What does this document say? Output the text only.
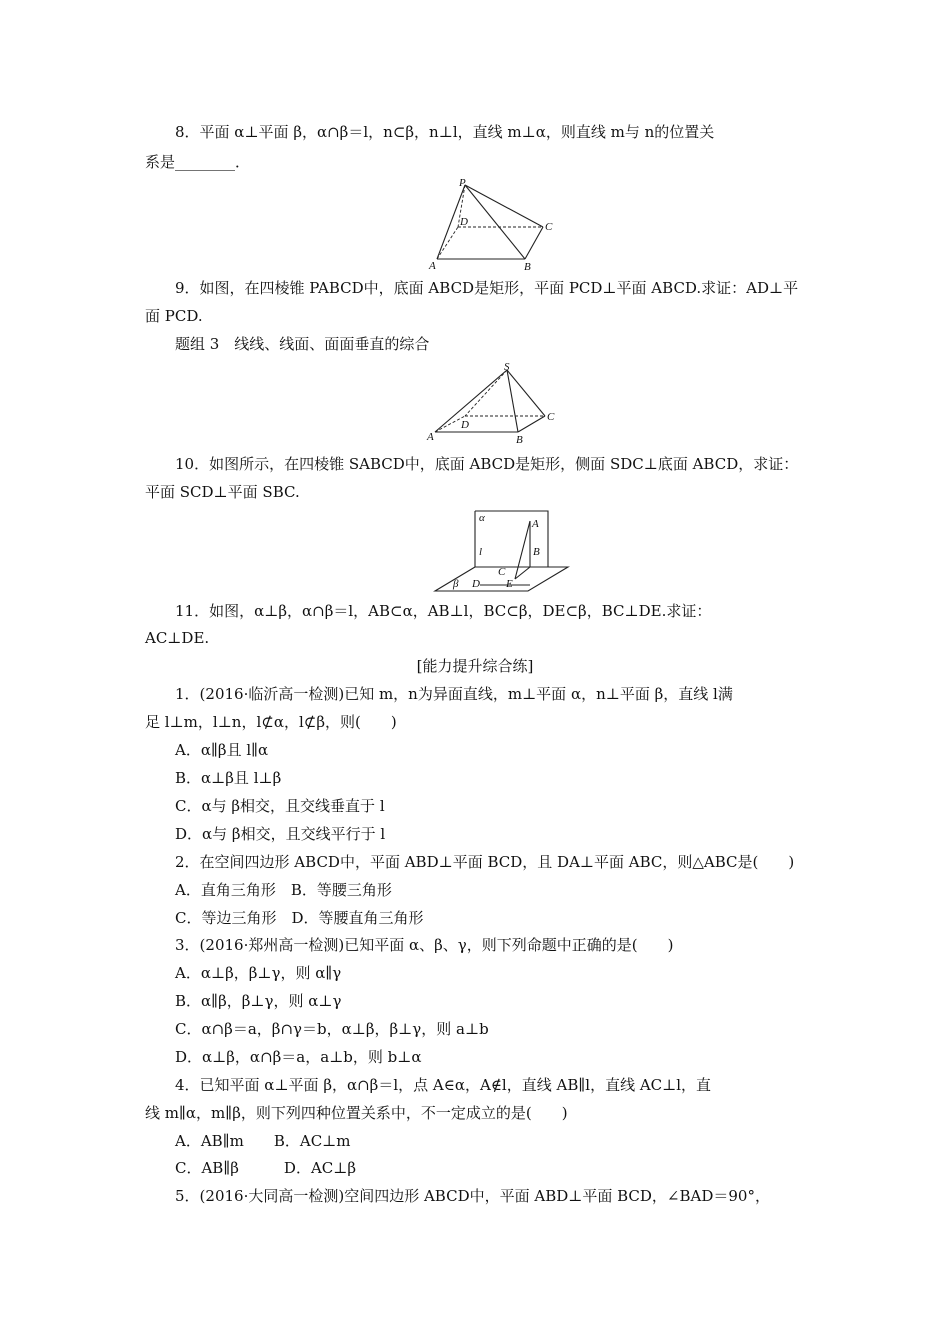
8．平面 α⊥平面 β，α∩β＝l，n⊂β，n⊥l，直线 m⊥α，则直线 m与 n的位置关
系是________．
P
D	C
A	B
9．如图，在四棱锥 PABCD中，底面 ABCD是矩形，平面 PCD⊥平面 ABCD.求证：AD⊥平
面 PCD.
题组 3　线线、线面、面面垂直的综合
S
D
C
A	B
10．如图所示，在四棱锥 SABCD中，底面 ABCD是矩形，侧面 SDC⊥底面 ABCD，求证：
平面 SCD⊥平面 SBC.
α	A
l	B
C
β D E
11．如图，α⊥β，α∩β＝l，AB⊂α，AB⊥l，BC⊂β，DE⊂β，BC⊥DE.求证：
AC⊥DE.
[能力提升综合练]
1．(2016·临沂高一检测)已知 m，n为异面直线，m⊥平面 α，n⊥平面 β，直线 l满
足 l⊥m，l⊥n，l⊄α，l⊄β，则(　　)
A．α∥β且 l∥α
B．α⊥β且 l⊥β
C．α与 β相交，且交线垂直于 l
D．α与 β相交，且交线平行于 l
2．在空间四边形 ABCD中，平面 ABD⊥平面 BCD，且 DA⊥平面 ABC，则△ABC是(　　)
A．直角三角形　B．等腰三角形
C．等边三角形　D．等腰直角三角形
3．(2016·郑州高一检测)已知平面 α、β、γ，则下列命题中正确的是(　　)
A．α⊥β，β⊥γ，则 α∥γ
B．α∥β，β⊥γ，则 α⊥γ
C．α∩β＝a，β∩γ＝b，α⊥β，β⊥γ，则 a⊥b
D．α⊥β，α∩β＝a，a⊥b，则 b⊥α
4．已知平面 α⊥平面 β，α∩β＝l，点 A∈α，A∉l，直线 AB∥l，直线 AC⊥l，直
线 m∥α，m∥β，则下列四种位置关系中，不一定成立的是(　　)
A．AB∥m　　B．AC⊥m
C．AB∥β　　　D．AC⊥β
5．(2016·大同高一检测)空间四边形 ABCD中，平面 ABD⊥平面 BCD，∠BAD＝90°，
